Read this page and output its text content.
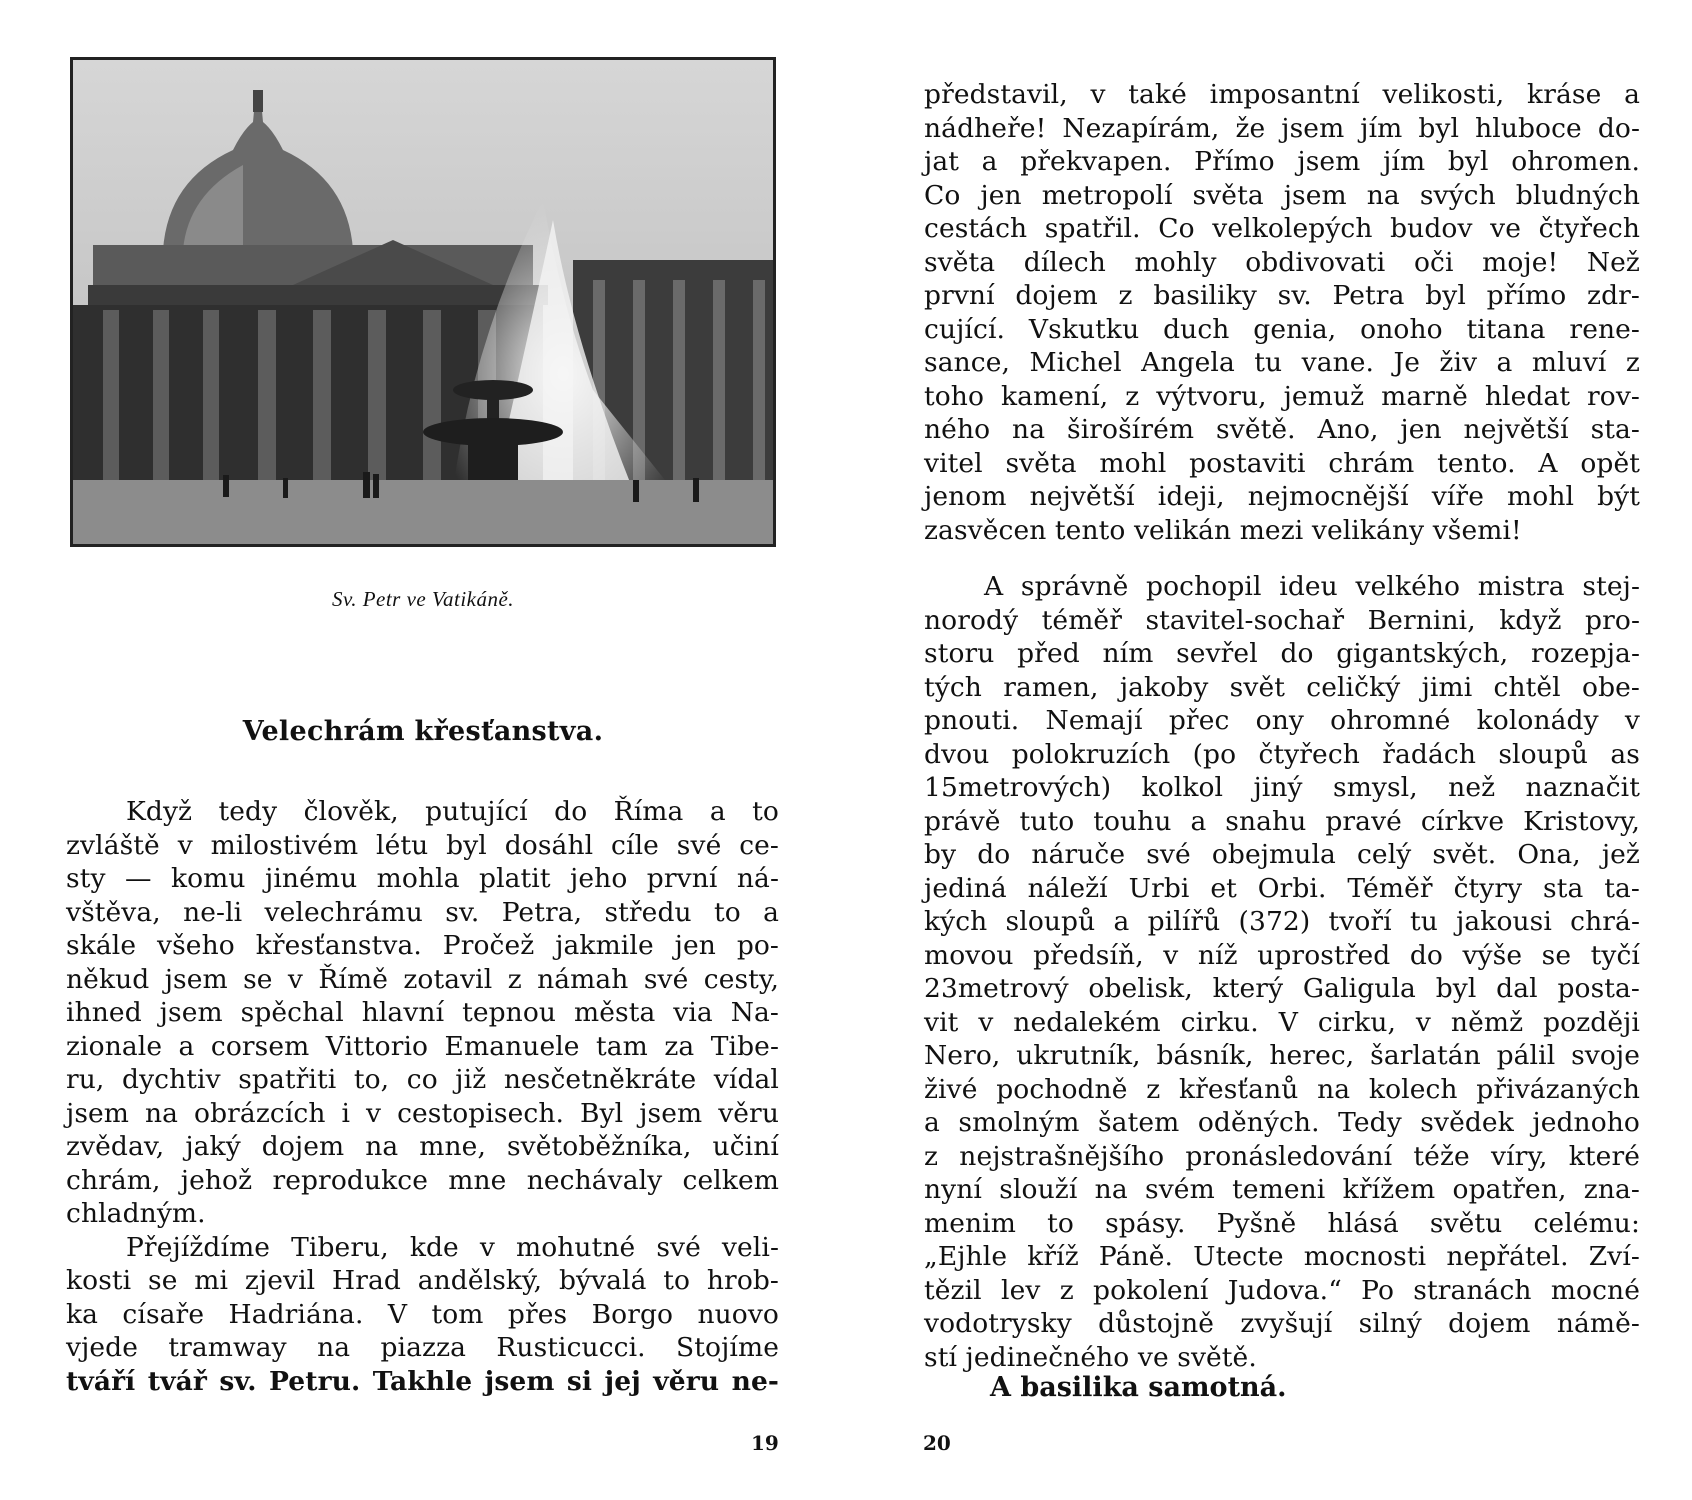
Sv. Petr ve Vatikáně.
Velechrám křesťanstva.
Když tedy člověk, putující do Říma a to
zvláště v milostivém létu byl dosáhl cíle své ce-
sty — komu jinému mohla platit jeho první ná-
vštěva, ne-li velechrámu sv. Petra, středu to a
skále všeho křesťanstva. Pročež jakmile jen po-
někud jsem se v Římě zotavil z námah své cesty,
ihned jsem spěchal hlavní tepnou města via Na-
zionale a corsem Vittorio Emanuele tam za Tibe-
ru, dychtiv spatřiti to, co již nesčetněkráte vídal
jsem na obrázcích i v cestopisech. Byl jsem věru
zvědav, jaký dojem na mne, světoběžníka, učiní
chrám, jehož reprodukce mne nechávaly celkem
chladným.
Přejíždíme Tiberu, kde v mohutné své veli-
kosti se mi zjevil Hrad andělský, bývalá to hrob-
ka císaře Hadriána. V tom přes Borgo nuovo
vjede tramway na piazza Rusticucci. Stojíme
tváří tvář sv. Petru. Takhle jsem si jej věru ne-
19
představil, v také imposantní velikosti, kráse a
nádheře! Nezapírám, že jsem jím byl hluboce do-
jat a překvapen. Přímo jsem jím byl ohromen.
Co jen metropolí světa jsem na svých bludných
cestách spatřil. Co velkolepých budov ve čtyřech
světa dílech mohly obdivovati oči moje! Než
první dojem z basiliky sv. Petra byl přímo zdr-
cující. Vskutku duch genia, onoho titana rene-
sance, Michel Angela tu vane. Je živ a mluví z
toho kamení, z výtvoru, jemuž marně hledat rov-
ného na širošírém světě. Ano, jen největší sta-
vitel světa mohl postaviti chrám tento. A opět
jenom největší ideji, nejmocnější víře mohl být
zasvěcen tento velikán mezi velikány všemi!
A správně pochopil ideu velkého mistra stej-
norodý téměř stavitel-sochař Bernini, když pro-
storu před ním sevřel do gigantských, rozepja-
tých ramen, jakoby svět celičký jimi chtěl obe-
pnouti. Nemají přec ony ohromné kolonády v
dvou polokruzích (po čtyřech řadách sloupů as
15metrových) kolkol jiný smysl, než naznačit
právě tuto touhu a snahu pravé církve Kristovy,
by do náruče své obejmula celý svět. Ona, jež
jediná náleží Urbi et Orbi. Téměř čtyry sta ta-
kých sloupů a pilířů (372) tvoří tu jakousi chrá-
movou předsíň, v níž uprostřed do výše se tyčí
23metrový obelisk, který Galigula byl dal posta-
vit v nedalekém cirku. V cirku, v němž později
Nero, ukrutník, básník, herec, šarlatán pálil svoje
živé pochodně z křesťanů na kolech přivázaných
a smolným šatem oděných. Tedy svědek jednoho
z nejstrašnějšího pronásledování téže víry, které
nyní slouží na svém temeni křížem opatřen, zna-
menim to spásy. Pyšně hlásá světu celému:
„Ejhle kříž Páně. Utecte mocnosti nepřátel. Zví-
tězil lev z pokolení Judova.“ Po stranách mocné
vodotrysky důstojně zvyšují silný dojem námě-
stí jedinečného ve světě.
A basilika samotná.
20
